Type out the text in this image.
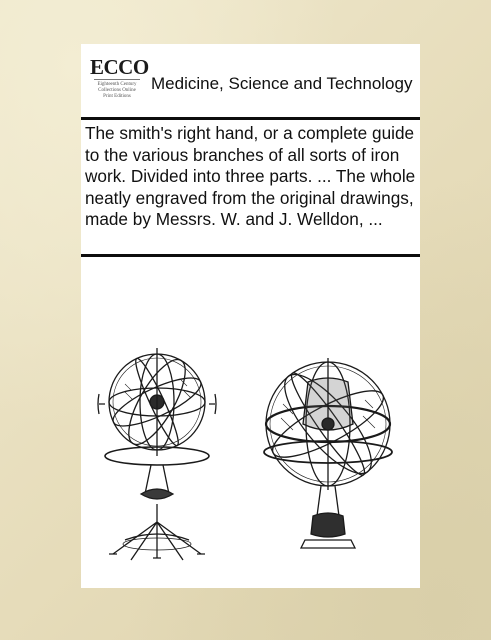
ECCO
Eighteenth Century
Collections Online
Print Editions
Medicine, Science and Technology
The smith's right hand, or a complete guide to the various branches of all sorts of iron work. Divided into three parts. ... The whole neatly engraved from the original drawings, made by Messrs. W. and J. Welldon, ...
